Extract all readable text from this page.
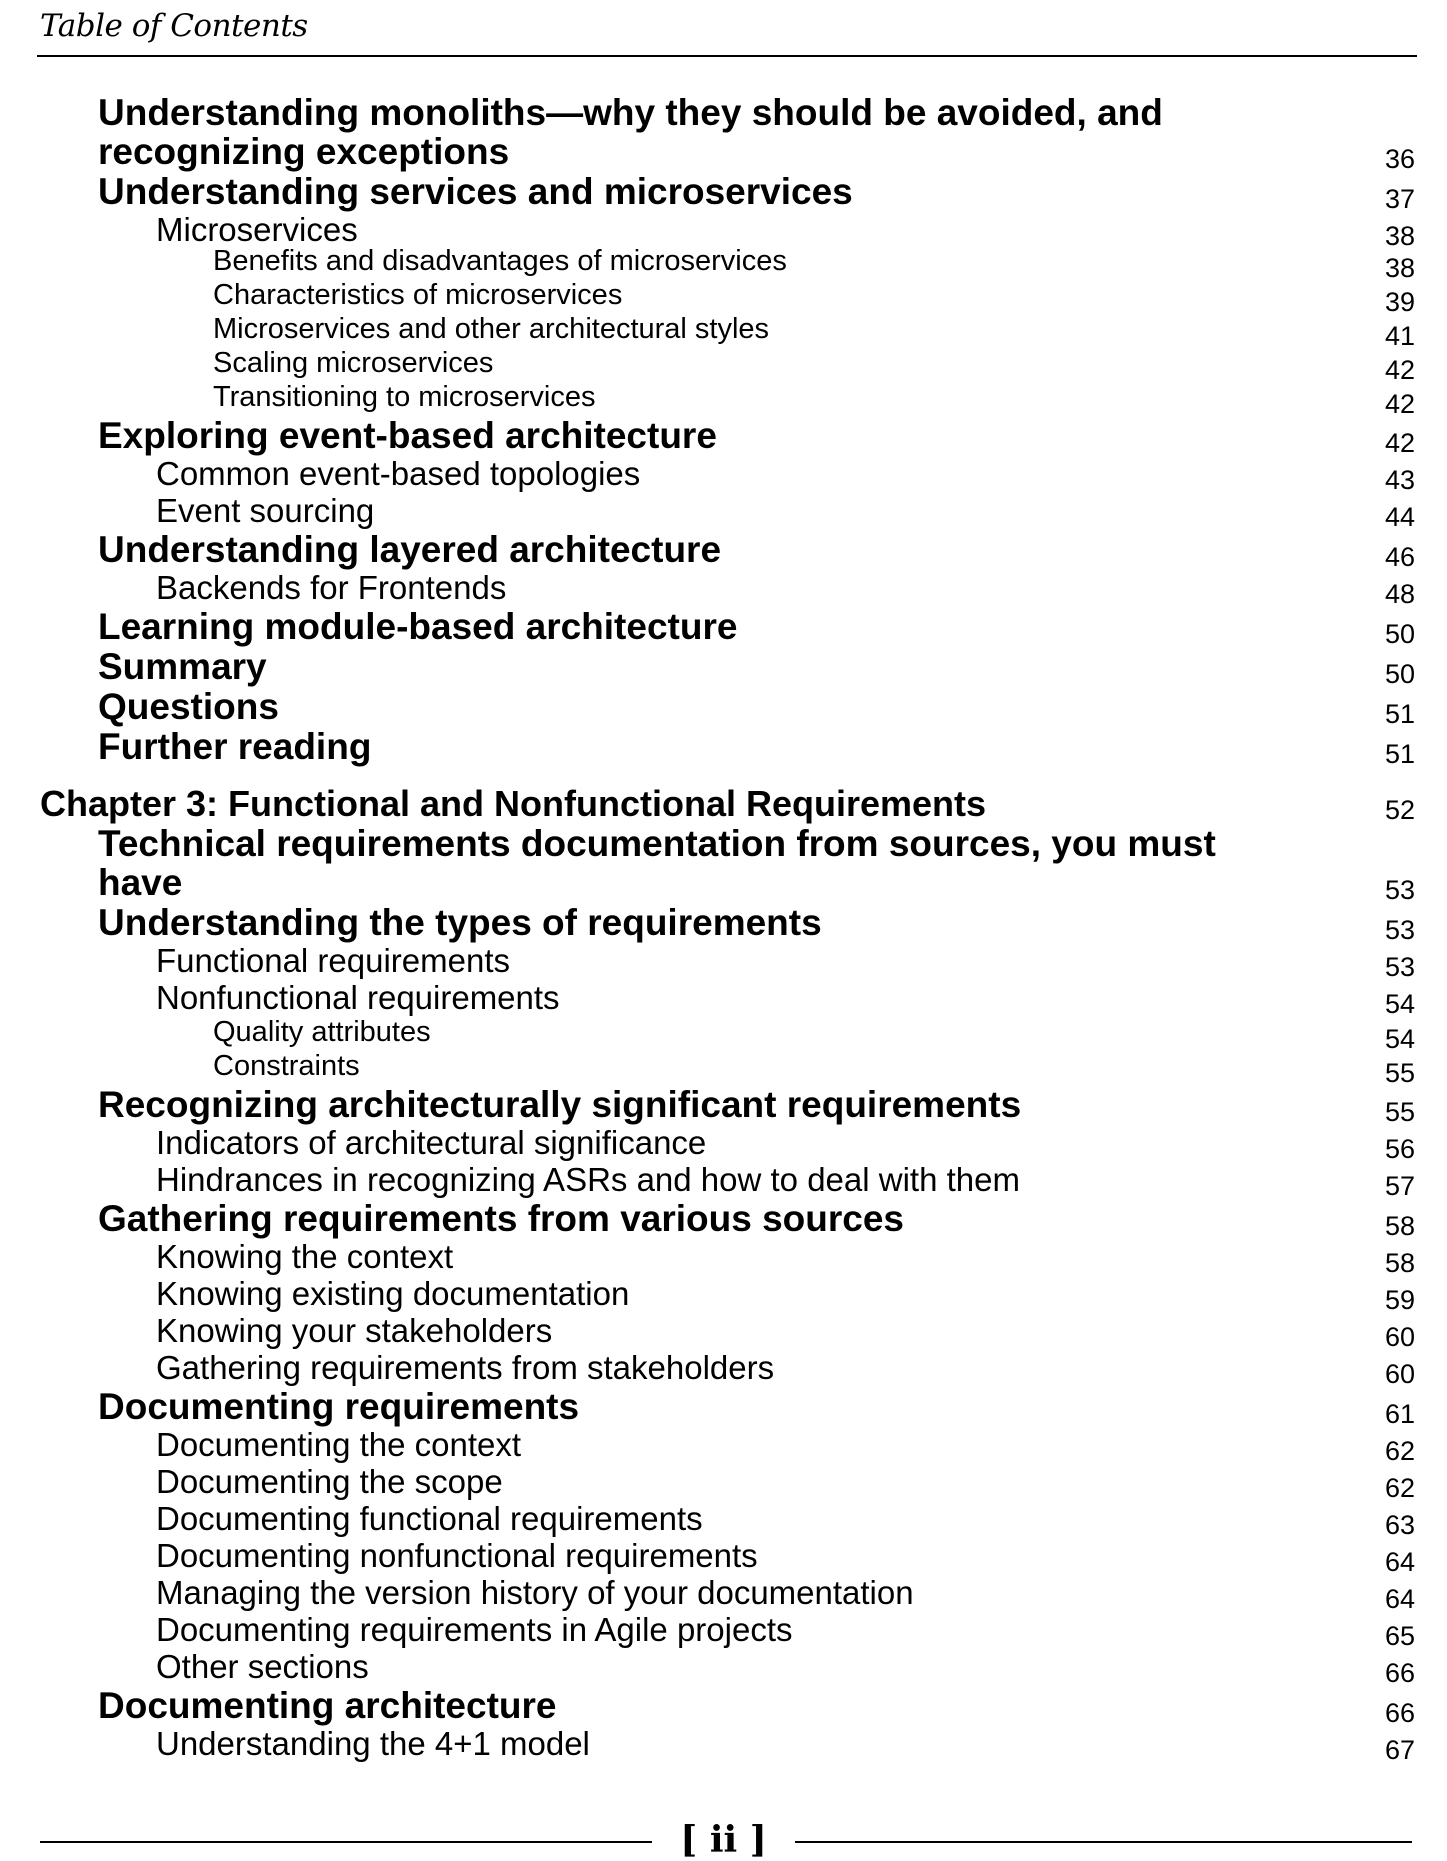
Table of Contents
Understanding monoliths—why they should be avoided, and
recognizing exceptions	36
Understanding services and microservices	37
Microservices	38
Benefits and disadvantages of microservices	38
Characteristics of microservices	39
Microservices and other architectural styles	41
Scaling microservices	42
Transitioning to microservices	42
Exploring event-based architecture	42
Common event-based topologies	43
Event sourcing	44
Understanding layered architecture	46
Backends for Frontends	48
Learning module-based architecture	50
Summary	50
Questions	51
Further reading	51
Chapter 3: Functional and Nonfunctional Requirements	52
Technical requirements documentation from sources, you must
have	53
Understanding the types of requirements	53
Functional requirements	53
Nonfunctional requirements	54
Quality attributes	54
Constraints	55
Recognizing architecturally significant requirements	55
Indicators of architectural significance	56
Hindrances in recognizing ASRs and how to deal with them	57
Gathering requirements from various sources	58
Knowing the context	58
Knowing existing documentation	59
Knowing your stakeholders	60
Gathering requirements from stakeholders	60
Documenting requirements	61
Documenting the context	62
Documenting the scope	62
Documenting functional requirements	63
Documenting nonfunctional requirements	64
Managing the version history of your documentation	64
Documenting requirements in Agile projects	65
Other sections	66
Documenting architecture	66
Understanding the 4+1 model	67
[ ii ]
